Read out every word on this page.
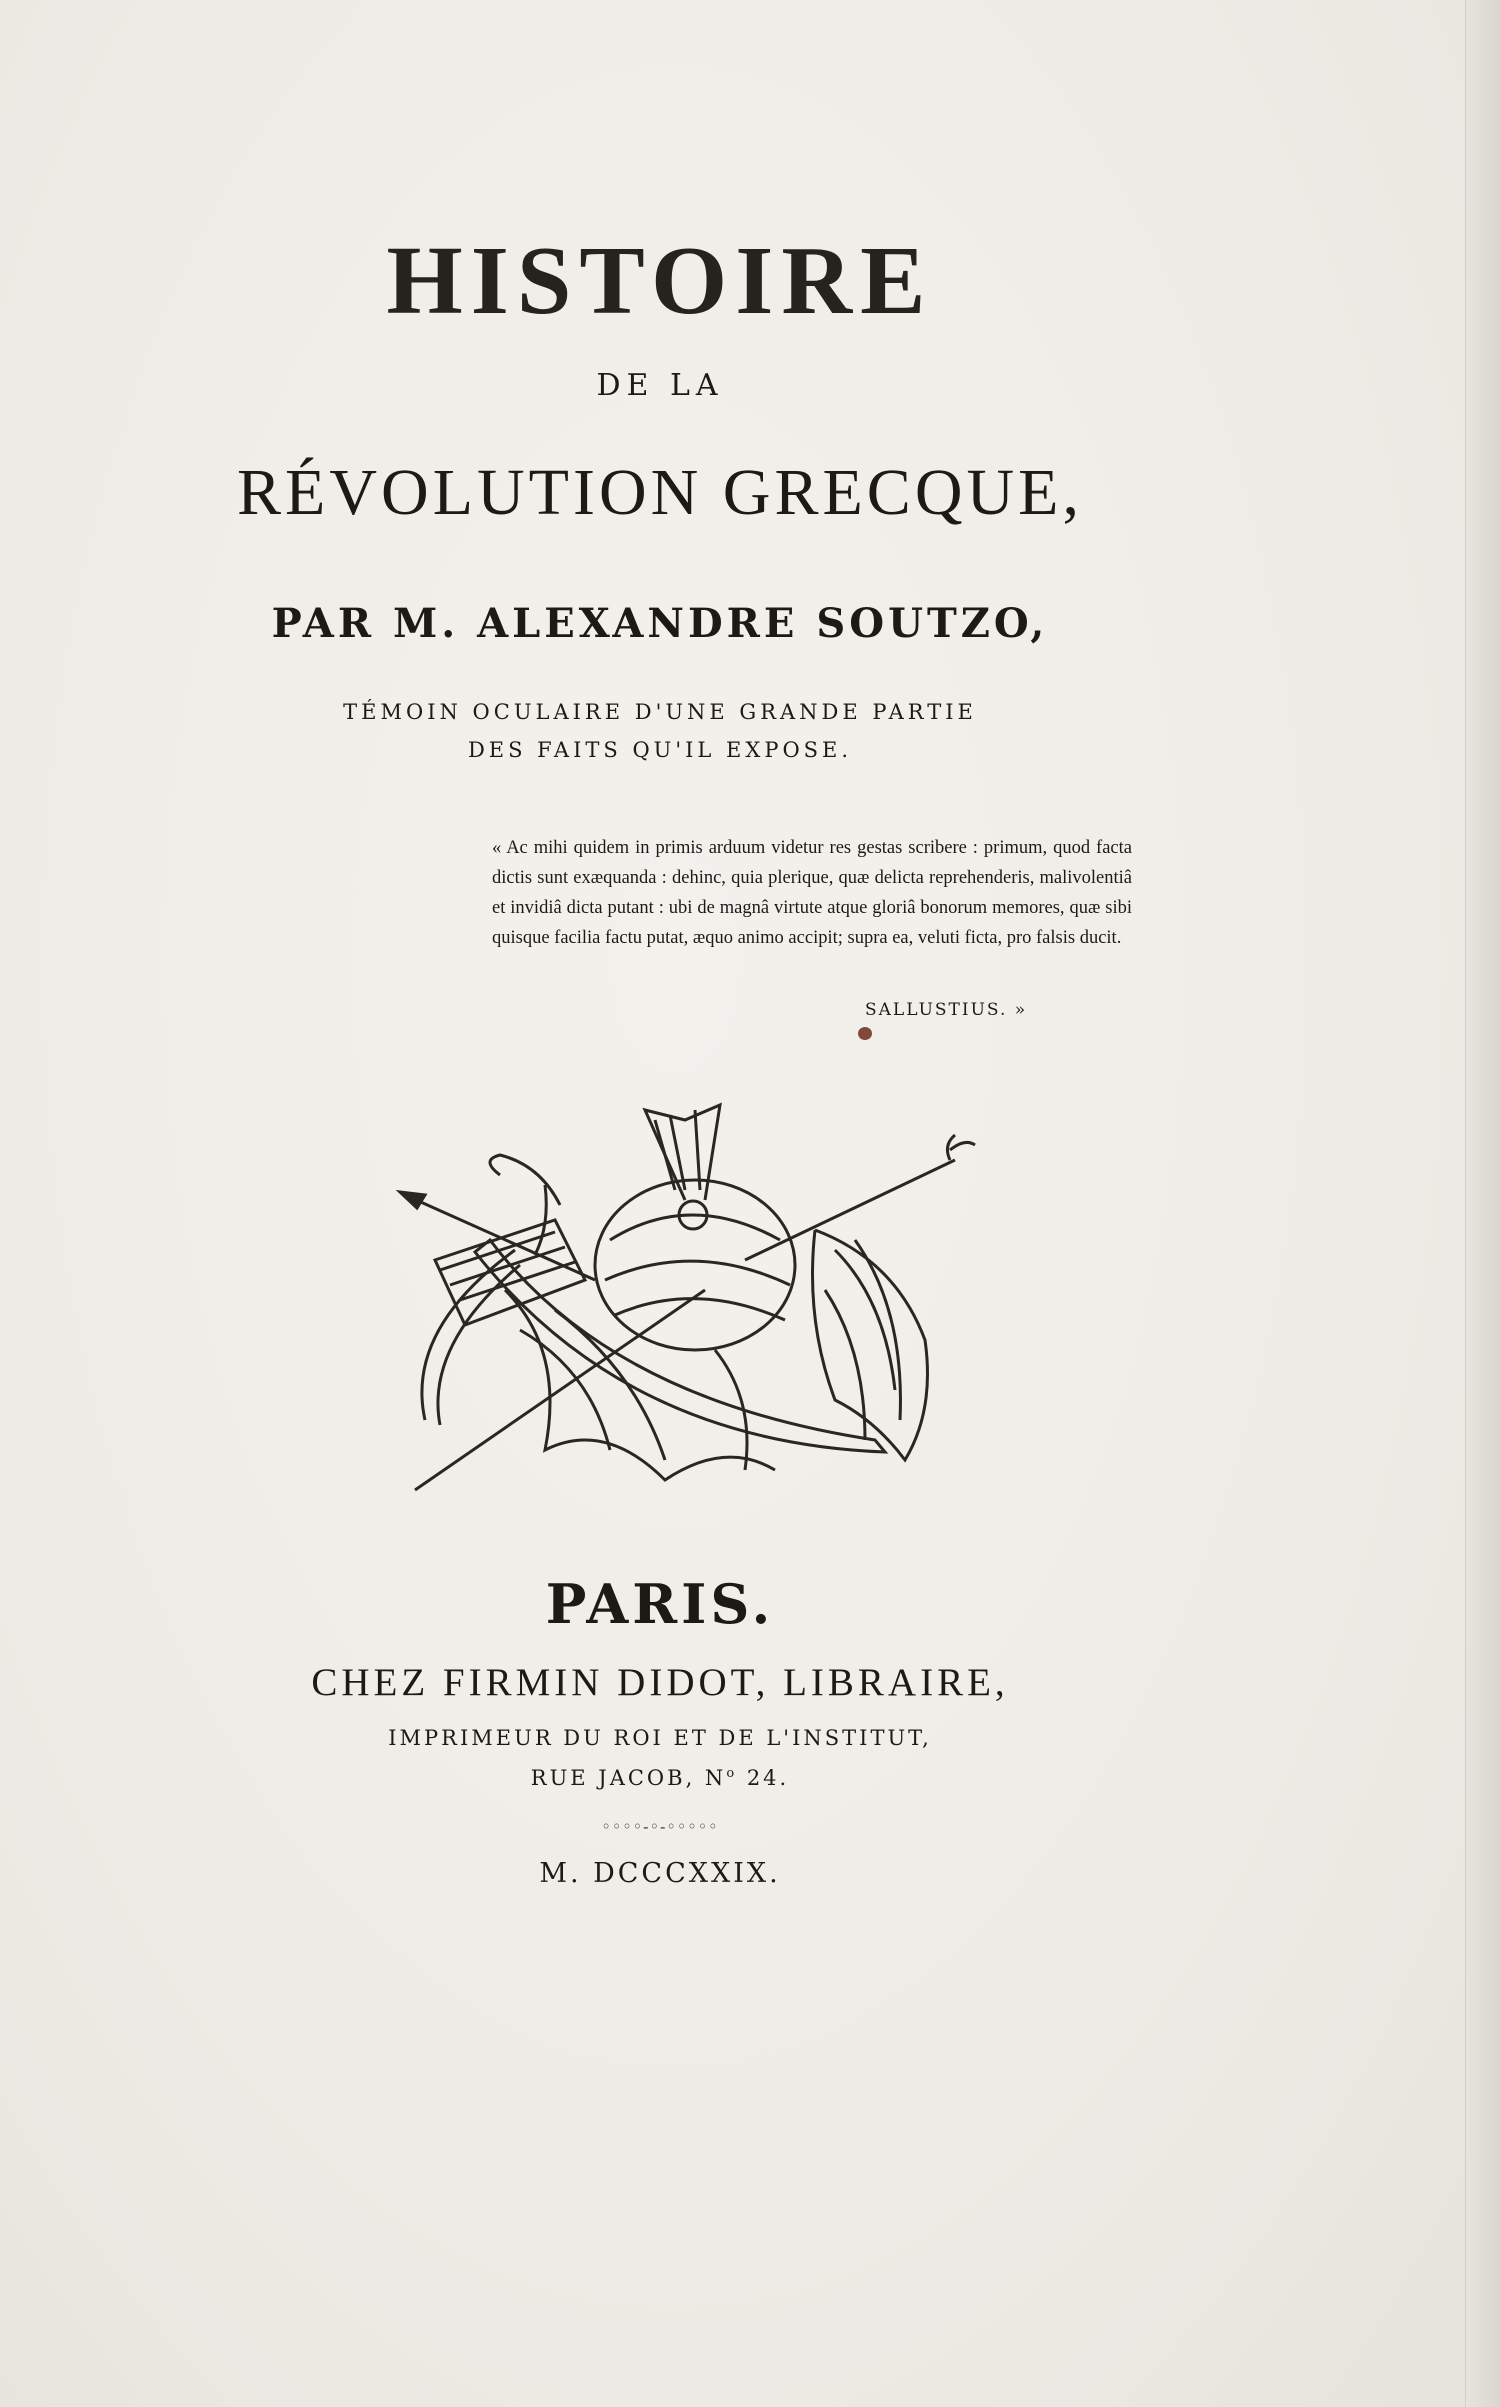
HISTOIRE
DE LA
RÉVOLUTION GRECQUE,
PAR M. ALEXANDRE SOUTZO,
TÉMOIN OCULAIRE D'UNE GRANDE PARTIE
DES FAITS QU'IL EXPOSE.
« Ac mihi quidem in primis arduum videtur res gestas scribere : primum, quod facta dictis sunt exæquanda : dehinc, quia plerique, quæ delicta reprehenderis, malivolentiâ et invidiâ dicta putant : ubi de magnâ virtute atque gloriâ bonorum memores, quæ sibi quisque facilia factu putat, æquo animo accipit; supra ea, veluti ficta, pro falsis ducit.
SALLUSTIUS. »
PARIS.
CHEZ FIRMIN DIDOT, LIBRAIRE,
IMPRIMEUR DU ROI ET DE L'INSTITUT,
RUE JACOB, $N^o$ 24.
◦◦◦◦-◦-◦◦◦◦◦
M. DCCCXXIX.
